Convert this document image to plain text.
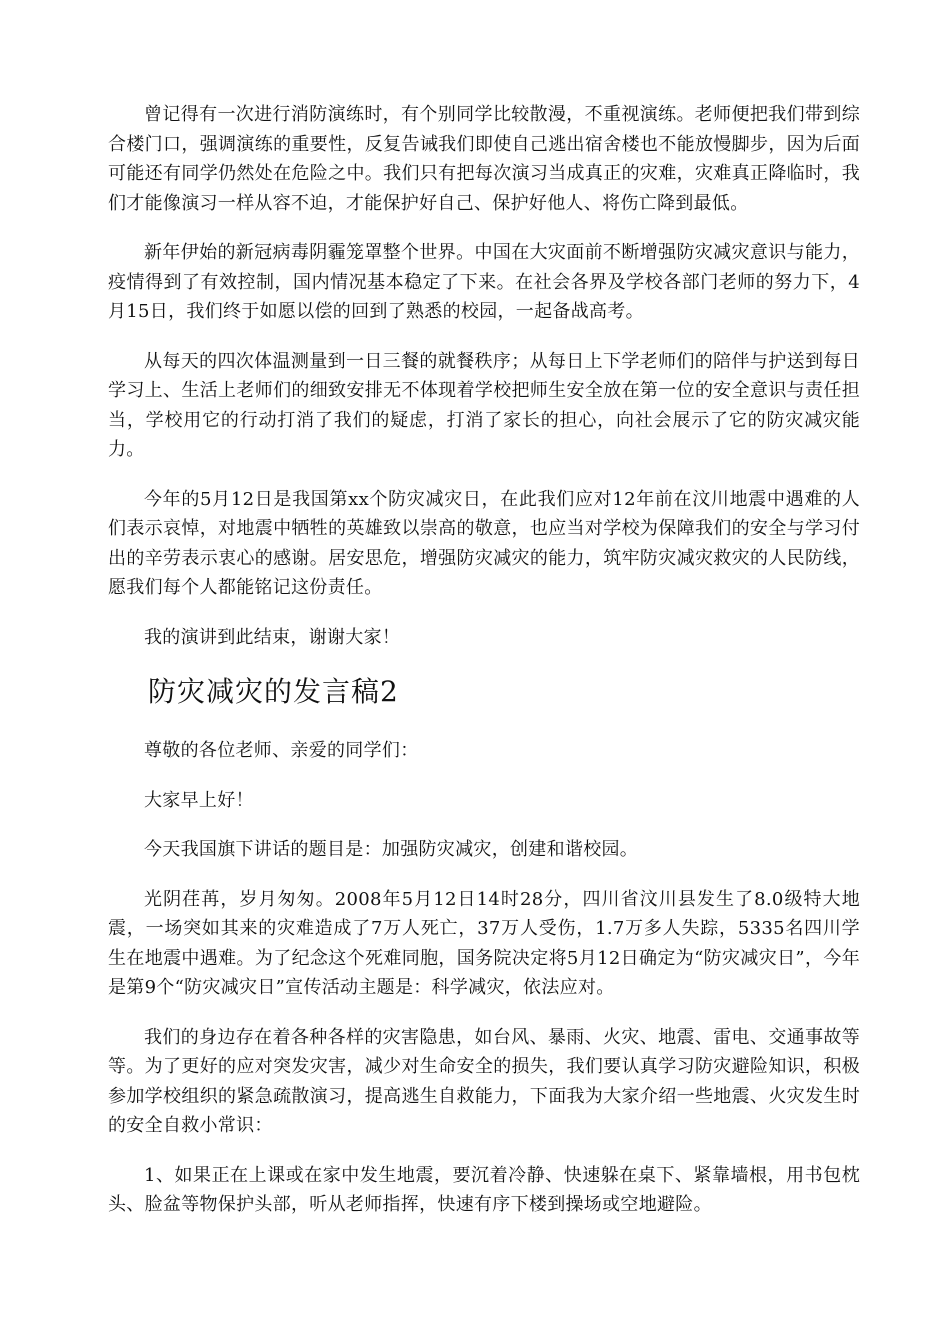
曾记得有一次进行消防演练时，有个别同学比较散漫，不重视演练。老师便把我们带到综合楼门口，强调演练的重要性，反复告诫我们即使自己逃出宿舍楼也不能放慢脚步，因为后面可能还有同学仍然处在危险之中。我们只有把每次演习当成真正的灾难，灾难真正降临时，我们才能像演习一样从容不迫，才能保护好自己、保护好他人、将伤亡降到最低。

新年伊始的新冠病毒阴霾笼罩整个世界。中国在大灾面前不断增强防灾减灾意识与能力，疫情得到了有效控制，国内情况基本稳定了下来。在社会各界及学校各部门老师的努力下，4月15日，我们终于如愿以偿的回到了熟悉的校园，一起备战高考。

从每天的四次体温测量到一日三餐的就餐秩序；从每日上下学老师们的陪伴与护送到每日学习上、生活上老师们的细致安排无不体现着学校把师生安全放在第一位的安全意识与责任担当，学校用它的行动打消了我们的疑虑，打消了家长的担心，向社会展示了它的防灾减灾能力。

今年的5月12日是我国第xx个防灾减灾日，在此我们应对12年前在汶川地震中遇难的人们表示哀悼，对地震中牺牲的英雄致以崇高的敬意，也应当对学校为保障我们的安全与学习付出的辛劳表示衷心的感谢。居安思危，增强防灾减灾的能力，筑牢防灾减灾救灾的人民防线，愿我们每个人都能铭记这份责任。

我的演讲到此结束，谢谢大家！

防灾减灾的发言稿2

尊敬的各位老师、亲爱的同学们：

大家早上好！

今天我国旗下讲话的题目是：加强防灾减灾，创建和谐校园。

光阴荏苒，岁月匆匆。2008年5月12日14时28分，四川省汶川县发生了8.0级特大地震，一场突如其来的灾难造成了7万人死亡，37万人受伤，1.7万多人失踪，5335名四川学生在地震中遇难。为了纪念这个死难同胞，国务院决定将5月12日确定为“防灾减灾日”，今年是第9个“防灾减灾日”宣传活动主题是：科学减灾，依法应对。

我们的身边存在着各种各样的灾害隐患，如台风、暴雨、火灾、地震、雷电、交通事故等等。为了更好的应对突发灾害，减少对生命安全的损失，我们要认真学习防灾避险知识，积极参加学校组织的紧急疏散演习，提高逃生自救能力，下面我为大家介绍一些地震、火灾发生时的安全自救小常识：

1、如果正在上课或在家中发生地震，要沉着冷静、快速躲在桌下、紧靠墙根，用书包枕头、脸盆等物保护头部，听从老师指挥，快速有序下楼到操场或空地避险。
